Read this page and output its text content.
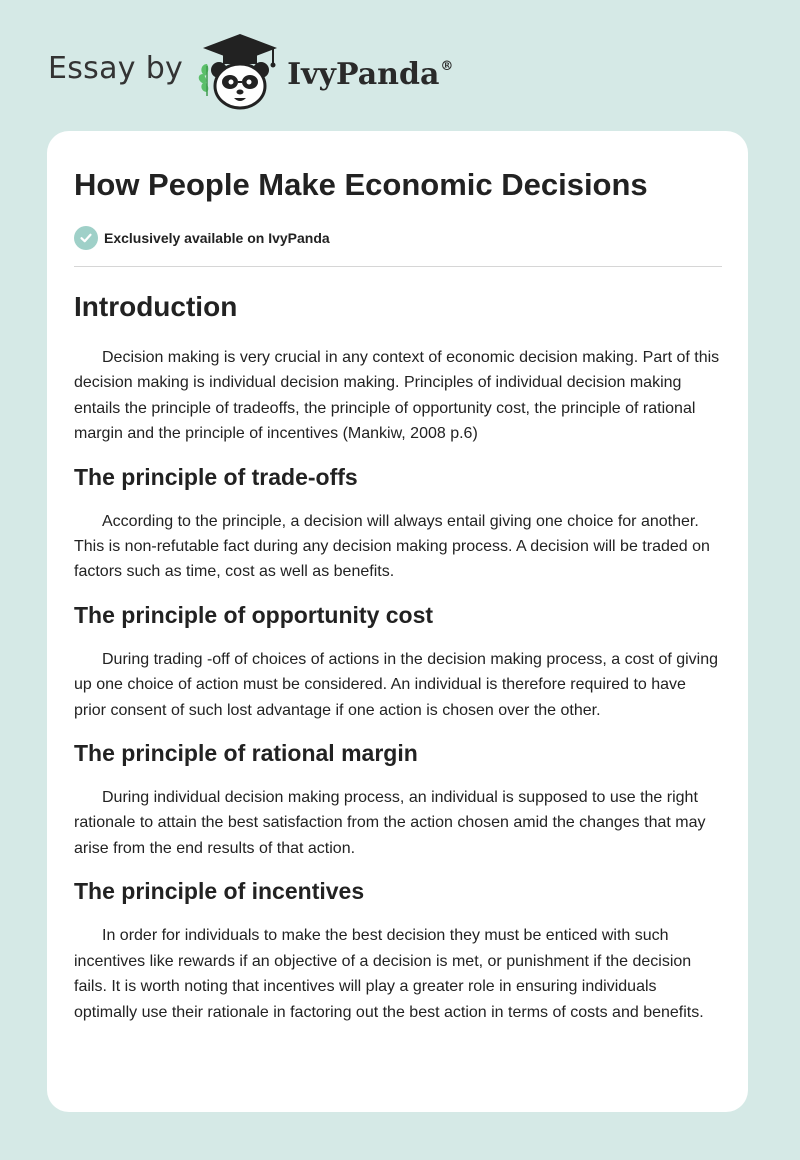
Essay by	IvyPanda®
How People Make Economic Decisions
Exclusively available on IvyPanda
Introduction

Decision making is very crucial in any context of economic decision making. Part of this decision making is individual decision making. Principles of individual decision making entails the principle of tradeoffs, the principle of opportunity cost, the principle of rational margin and the principle of incentives (Mankiw, 2008 p.6)

The principle of trade-offs

According to the principle, a decision will always entail giving one choice for another. This is non-refutable fact during any decision making process. A decision will be traded on factors such as time, cost as well as benefits.

The principle of opportunity cost

During trading -off of choices of actions in the decision making process, a cost of giving up one choice of action must be considered. An individual is therefore required to have prior consent of such lost advantage if one action is chosen over the other.

The principle of rational margin

During individual decision making process, an individual is supposed to use the right rationale to attain the best satisfaction from the action chosen amid the changes that may arise from the end results of that action.

The principle of incentives

In order for individuals to make the best decision they must be enticed with such incentives like rewards if an objective of a decision is met, or punishment if the decision fails. It is worth noting that incentives will play a greater role in ensuring individuals optimally use their rationale in factoring out the best action in terms of costs and benefits.
